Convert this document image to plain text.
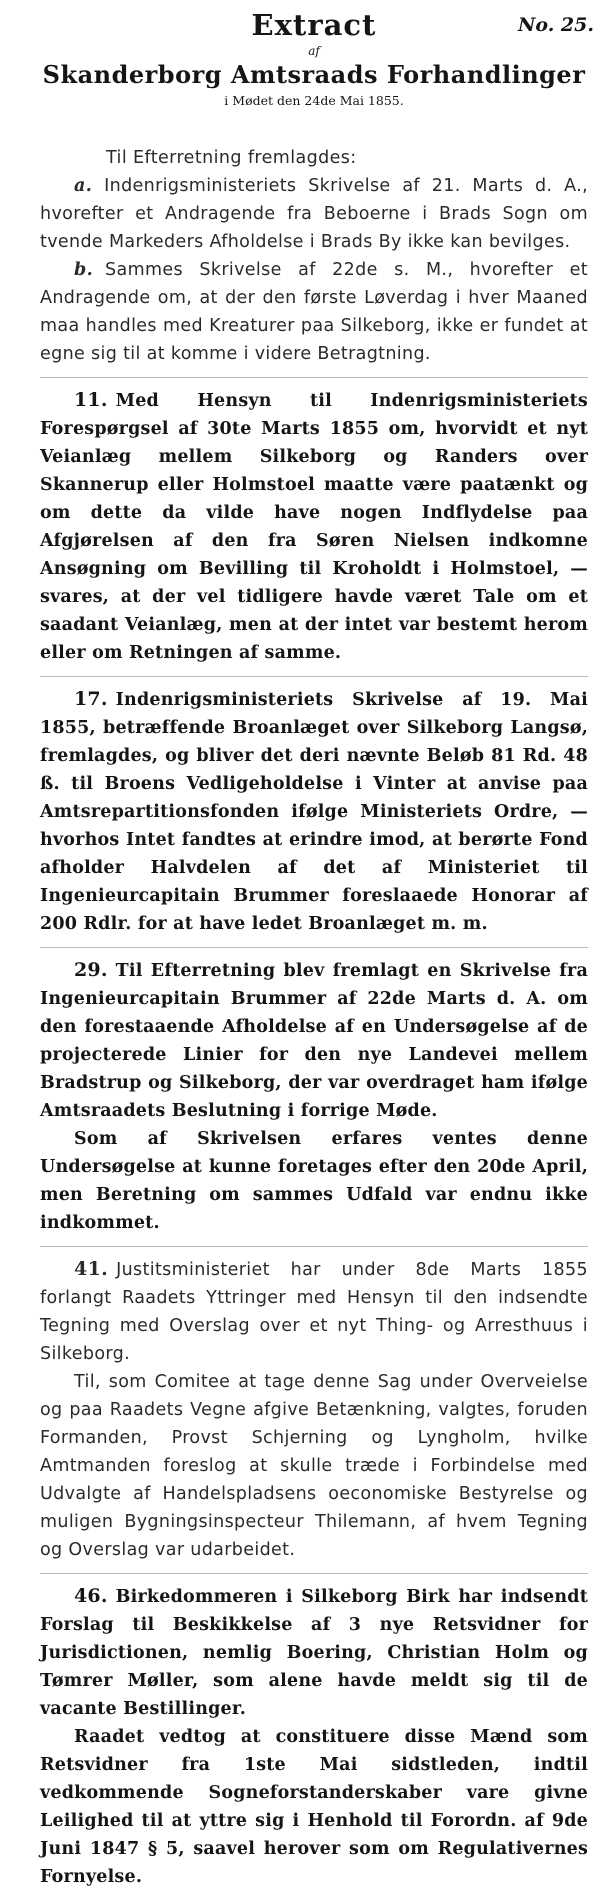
Extract	No. 25.
af
Skanderborg Amtsraads Forhandlinger
i Mødet den 24de Mai 1855.
Til Efterretning fremlagdes:

a. Indenrigsministeriets Skrivelse af 21. Marts d. A., hvorefter et Andragende fra Beboerne i Brads Sogn om tvende Markeders Afholdelse i Brads By ikke kan bevilges.

b. Sammes Skrivelse af 22de s. M., hvorefter et Andragende om, at der den første Løverdag i hver Maaned maa handles med Kreaturer paa Silkeborg, ikke er fundet at egne sig til at komme i videre Betragtning.

11. Med Hensyn til Indenrigsministeriets Forespørgsel af 30te Marts 1855 om, hvorvidt et nyt Veianlæg mellem Silkeborg og Randers over Skannerup eller Holmstoel maatte være paatænkt og om dette da vilde have nogen Indflydelse paa Afgjørelsen af den fra Søren Nielsen indkomne Ansøgning om Bevilling til Kroholdt i Holmstoel, — svares, at der vel tidligere havde været Tale om et saadant Veianlæg, men at der intet var bestemt herom eller om Retningen af samme.

17. Indenrigsministeriets Skrivelse af 19. Mai 1855, betræffende Broanlæget over Silkeborg Langsø, fremlagdes, og bliver det deri nævnte Beløb 81 Rd. 48 ß. til Broens Vedligeholdelse i Vinter at anvise paa Amtsrepartitionsfonden ifølge Ministeriets Ordre, — hvorhos Intet fandtes at erindre imod, at berørte Fond afholder Halvdelen af det af Ministeriet til Ingenieurcapitain Brummer foreslaaede Honorar af 200 Rdlr. for at have ledet Broanlæget m. m.

29. Til Efterretning blev fremlagt en Skrivelse fra Ingenieurcapitain Brummer af 22de Marts d. A. om den forestaaende Afholdelse af en Undersøgelse af de projecterede Linier for den nye Landevei mellem Bradstrup og Silkeborg, der var overdraget ham ifølge Amtsraadets Beslutning i forrige Møde.

Som af Skrivelsen erfares ventes denne Undersøgelse at kunne foretages efter den 20de April, men Beretning om sammes Udfald var endnu ikke indkommet.

41. Justitsministeriet har under 8de Marts 1855 forlangt Raadets Yttringer med Hensyn til den indsendte Tegning med Overslag over et nyt Thing- og Arresthuus i Silkeborg.

Til, som Comitee at tage denne Sag under Overveielse og paa Raadets Vegne afgive Betænkning, valgtes, foruden Formanden, Provst Schjerning og Lyngholm, hvilke Amtmanden foreslog at skulle træde i Forbindelse med Udvalgte af Handelspladsens oeconomiske Bestyrelse og muligen Bygningsinspecteur Thilemann, af hvem Tegning og Overslag var udarbeidet.

46. Birkedommeren i Silkeborg Birk har indsendt Forslag til Beskikkelse af 3 nye Retsvidner for Jurisdictionen, nemlig Boering, Christian Holm og Tømrer Møller, som alene havde meldt sig til de vacante Bestillinger.

Raadet vedtog at constituere disse Mænd som Retsvidner fra 1ste Mai sidstleden, indtil vedkommende Sogneforstanderskaber vare givne Leilighed til at yttre sig i Henhold til Forordn. af 9de Juni 1847 § 5, saavel herover som om Regulativernes Fornyelse.
